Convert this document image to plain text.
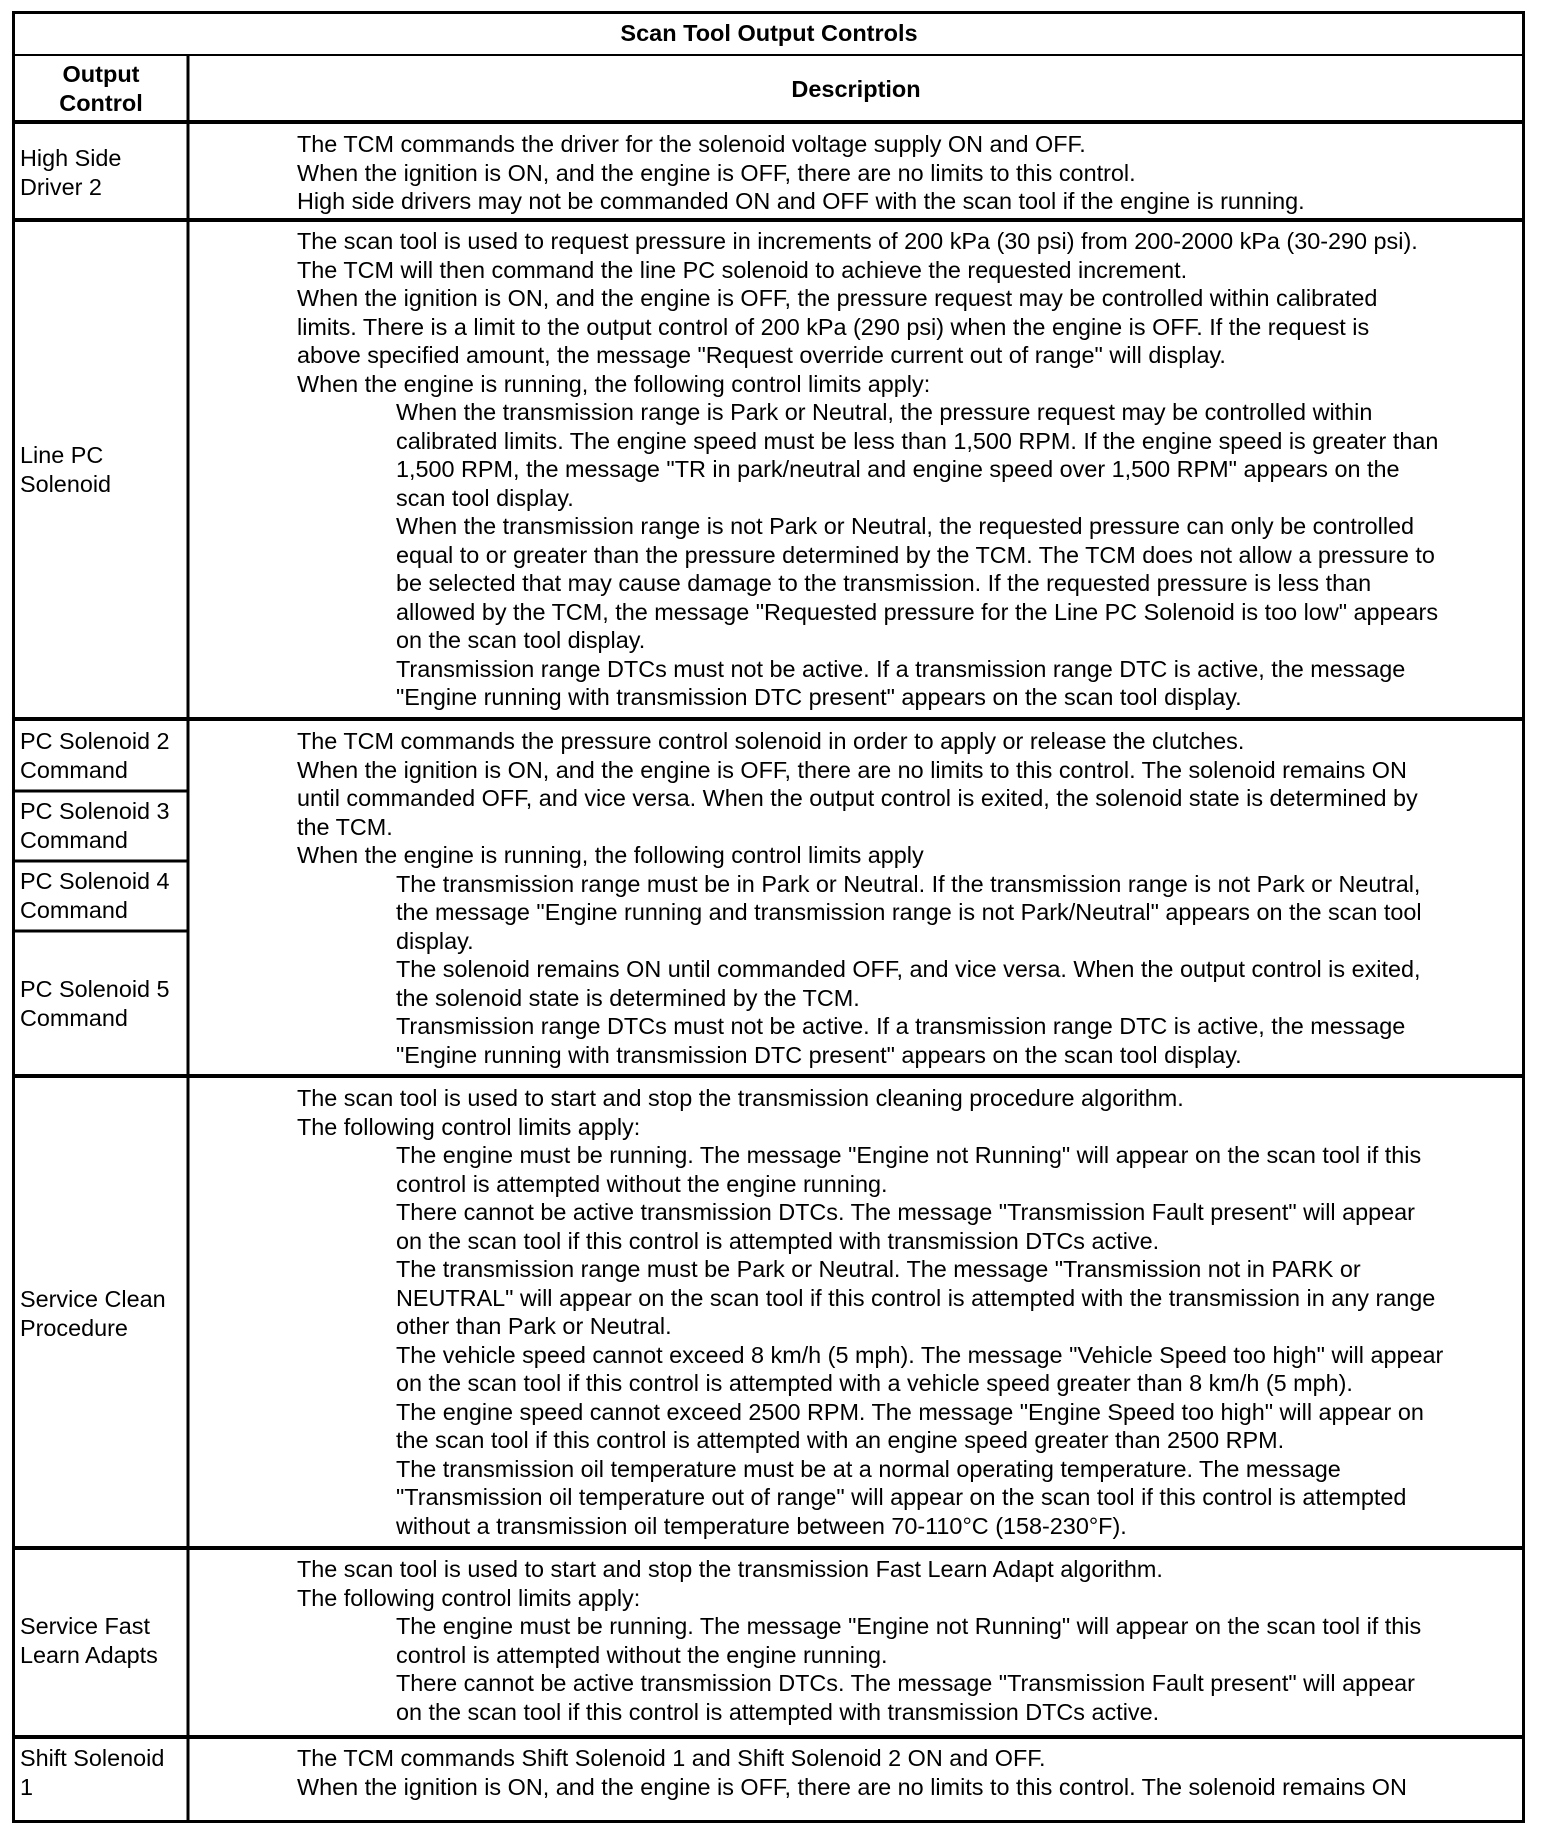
Scan Tool Output Controls
Output
Control
Description
High Side
Driver 2
The TCM commands the driver for the solenoid voltage supply ON and OFF.
When the ignition is ON, and the engine is OFF, there are no limits to this control.
High side drivers may not be commanded ON and OFF with the scan tool if the engine is running.
Line PC
Solenoid
The scan tool is used to request pressure in increments of 200 kPa (30 psi) from 200-2000 kPa (30-290 psi).
The TCM will then command the line PC solenoid to achieve the requested increment.
When the ignition is ON, and the engine is OFF, the pressure request may be controlled within calibrated
limits. There is a limit to the output control of 200 kPa (290 psi) when the engine is OFF. If the request is
above specified amount, the message "Request override current out of range" will display.
When the engine is running, the following control limits apply:
When the transmission range is Park or Neutral, the pressure request may be controlled within
calibrated limits. The engine speed must be less than 1,500 RPM. If the engine speed is greater than
1,500 RPM, the message "TR in park/neutral and engine speed over 1,500 RPM" appears on the
scan tool display.
When the transmission range is not Park or Neutral, the requested pressure can only be controlled
equal to or greater than the pressure determined by the TCM. The TCM does not allow a pressure to
be selected that may cause damage to the transmission. If the requested pressure is less than
allowed by the TCM, the message "Requested pressure for the Line PC Solenoid is too low" appears
on the scan tool display.
Transmission range DTCs must not be active. If a transmission range DTC is active, the message
"Engine running with transmission DTC present" appears on the scan tool display.
PC Solenoid 2
Command
PC Solenoid 3
Command
PC Solenoid 4
Command
PC Solenoid 5
Command
The TCM commands the pressure control solenoid in order to apply or release the clutches.
When the ignition is ON, and the engine is OFF, there are no limits to this control. The solenoid remains ON
until commanded OFF, and vice versa. When the output control is exited, the solenoid state is determined by
the TCM.
When the engine is running, the following control limits apply
The transmission range must be in Park or Neutral. If the transmission range is not Park or Neutral,
the message "Engine running and transmission range is not Park/Neutral" appears on the scan tool
display.
The solenoid remains ON until commanded OFF, and vice versa. When the output control is exited,
the solenoid state is determined by the TCM.
Transmission range DTCs must not be active. If a transmission range DTC is active, the message
"Engine running with transmission DTC present" appears on the scan tool display.
Service Clean
Procedure
The scan tool is used to start and stop the transmission cleaning procedure algorithm.
The following control limits apply:
The engine must be running. The message "Engine not Running" will appear on the scan tool if this
control is attempted without the engine running.
There cannot be active transmission DTCs. The message "Transmission Fault present" will appear
on the scan tool if this control is attempted with transmission DTCs active.
The transmission range must be Park or Neutral. The message "Transmission not in PARK or
NEUTRAL" will appear on the scan tool if this control is attempted with the transmission in any range
other than Park or Neutral.
The vehicle speed cannot exceed 8 km/h (5 mph). The message "Vehicle Speed too high" will appear
on the scan tool if this control is attempted with a vehicle speed greater than 8 km/h (5 mph).
The engine speed cannot exceed 2500 RPM. The message "Engine Speed too high" will appear on
the scan tool if this control is attempted with an engine speed greater than 2500 RPM.
The transmission oil temperature must be at a normal operating temperature. The message
"Transmission oil temperature out of range" will appear on the scan tool if this control is attempted
without a transmission oil temperature between 70-110°C (158-230°F).
Service Fast
Learn Adapts
The scan tool is used to start and stop the transmission Fast Learn Adapt algorithm.
The following control limits apply:
The engine must be running. The message "Engine not Running" will appear on the scan tool if this
control is attempted without the engine running.
There cannot be active transmission DTCs. The message "Transmission Fault present" will appear
on the scan tool if this control is attempted with transmission DTCs active.
Shift Solenoid
1
The TCM commands Shift Solenoid 1 and Shift Solenoid 2 ON and OFF.
When the ignition is ON, and the engine is OFF, there are no limits to this control. The solenoid remains ON
